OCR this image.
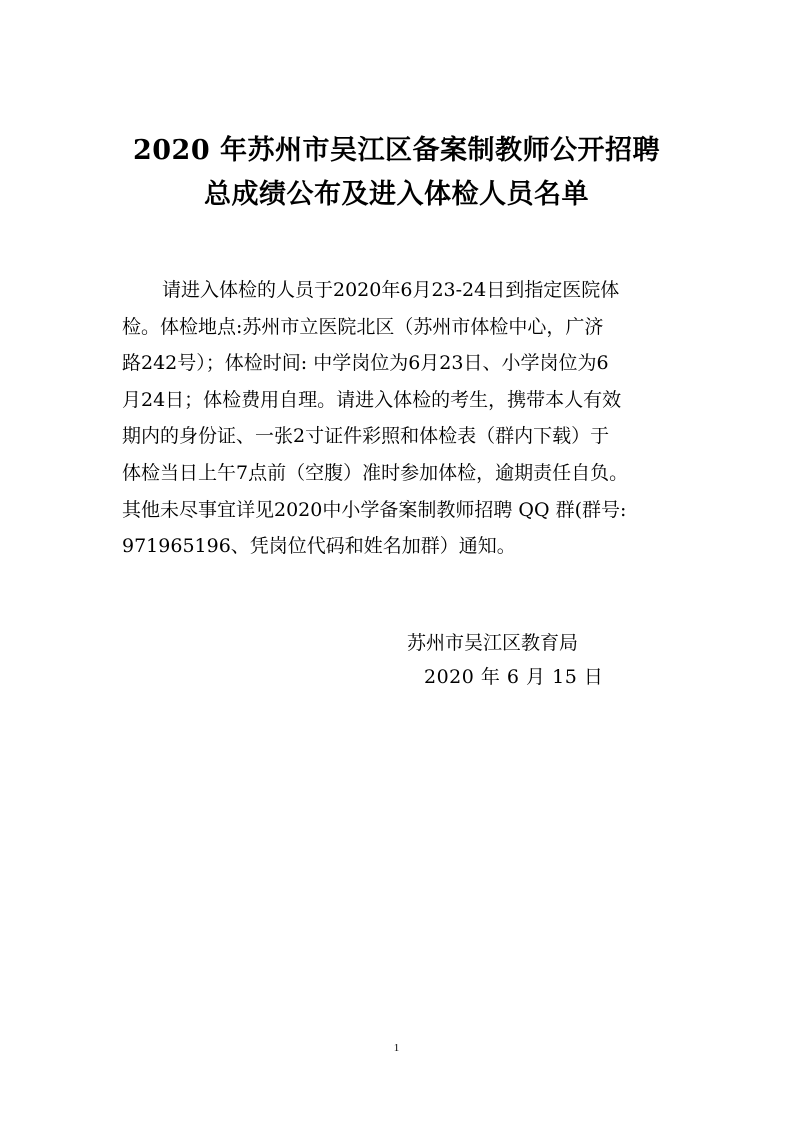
2020 年苏州市吴江区备案制教师公开招聘
总成绩公布及进入体检人员名单
请进入体检的人员于2020年6月23-24日到指定医院体
检。体检地点:苏州市立医院北区（苏州市体检中心，广济
路242号）；体检时间: 中学岗位为6月23日、小学岗位为6
月24日；体检费用自理。请进入体检的考生，携带本人有效
期内的身份证、一张2寸证件彩照和体检表（群内下载）于
体检当日上午7点前（空腹）准时参加体检，逾期责任自负。
其他未尽事宜详见2020中小学备案制教师招聘 QQ 群(群号:
971965196、凭岗位代码和姓名加群）通知。
苏州市吴江区教育局
2020 年 6 月 15 日
1
